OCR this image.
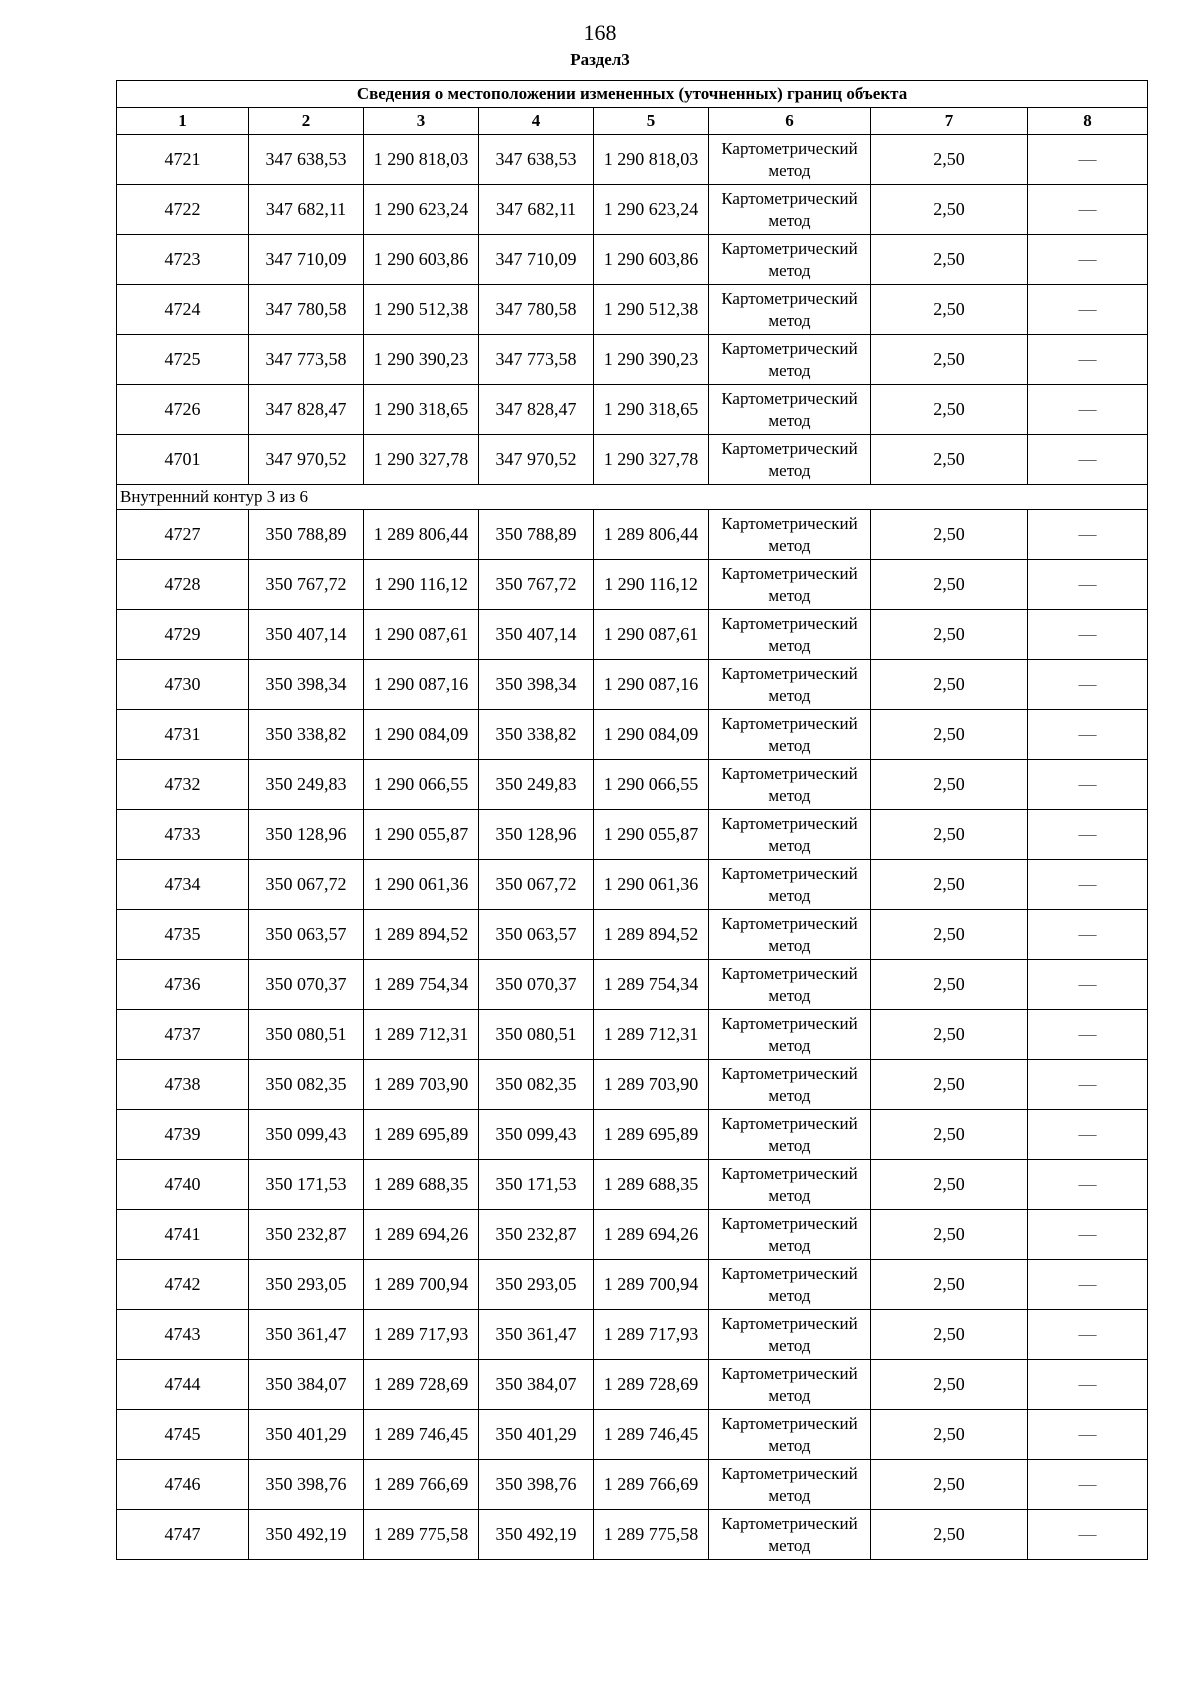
168
Раздел3
Сведения о местоположении измененных (уточненных) границ объекта							
1	2	3	4	5	6	7	8
4721	347 638,53	1 290 818,03	347 638,53	1 290 818,03	Картометрический метод	2,50	—
4722	347 682,11	1 290 623,24	347 682,11	1 290 623,24	Картометрический метод	2,50	—
4723	347 710,09	1 290 603,86	347 710,09	1 290 603,86	Картометрический метод	2,50	—
4724	347 780,58	1 290 512,38	347 780,58	1 290 512,38	Картометрический метод	2,50	—
4725	347 773,58	1 290 390,23	347 773,58	1 290 390,23	Картометрический метод	2,50	—
4726	347 828,47	1 290 318,65	347 828,47	1 290 318,65	Картометрический метод	2,50	—
4701	347 970,52	1 290 327,78	347 970,52	1 290 327,78	Картометрический метод	2,50	—
Внутренний контур 3 из 6							
4727	350 788,89	1 289 806,44	350 788,89	1 289 806,44	Картометрический метод	2,50	—
4728	350 767,72	1 290 116,12	350 767,72	1 290 116,12	Картометрический метод	2,50	—
4729	350 407,14	1 290 087,61	350 407,14	1 290 087,61	Картометрический метод	2,50	—
4730	350 398,34	1 290 087,16	350 398,34	1 290 087,16	Картометрический метод	2,50	—
4731	350 338,82	1 290 084,09	350 338,82	1 290 084,09	Картометрический метод	2,50	—
4732	350 249,83	1 290 066,55	350 249,83	1 290 066,55	Картометрический метод	2,50	—
4733	350 128,96	1 290 055,87	350 128,96	1 290 055,87	Картометрический метод	2,50	—
4734	350 067,72	1 290 061,36	350 067,72	1 290 061,36	Картометрический метод	2,50	—
4735	350 063,57	1 289 894,52	350 063,57	1 289 894,52	Картометрический метод	2,50	—
4736	350 070,37	1 289 754,34	350 070,37	1 289 754,34	Картометрический метод	2,50	—
4737	350 080,51	1 289 712,31	350 080,51	1 289 712,31	Картометрический метод	2,50	—
4738	350 082,35	1 289 703,90	350 082,35	1 289 703,90	Картометрический метод	2,50	—
4739	350 099,43	1 289 695,89	350 099,43	1 289 695,89	Картометрический метод	2,50	—
4740	350 171,53	1 289 688,35	350 171,53	1 289 688,35	Картометрический метод	2,50	—
4741	350 232,87	1 289 694,26	350 232,87	1 289 694,26	Картометрический метод	2,50	—
4742	350 293,05	1 289 700,94	350 293,05	1 289 700,94	Картометрический метод	2,50	—
4743	350 361,47	1 289 717,93	350 361,47	1 289 717,93	Картометрический метод	2,50	—
4744	350 384,07	1 289 728,69	350 384,07	1 289 728,69	Картометрический метод	2,50	—
4745	350 401,29	1 289 746,45	350 401,29	1 289 746,45	Картометрический метод	2,50	—
4746	350 398,76	1 289 766,69	350 398,76	1 289 766,69	Картометрический метод	2,50	—
4747	350 492,19	1 289 775,58	350 492,19	1 289 775,58	Картометрический метод	2,50	—
